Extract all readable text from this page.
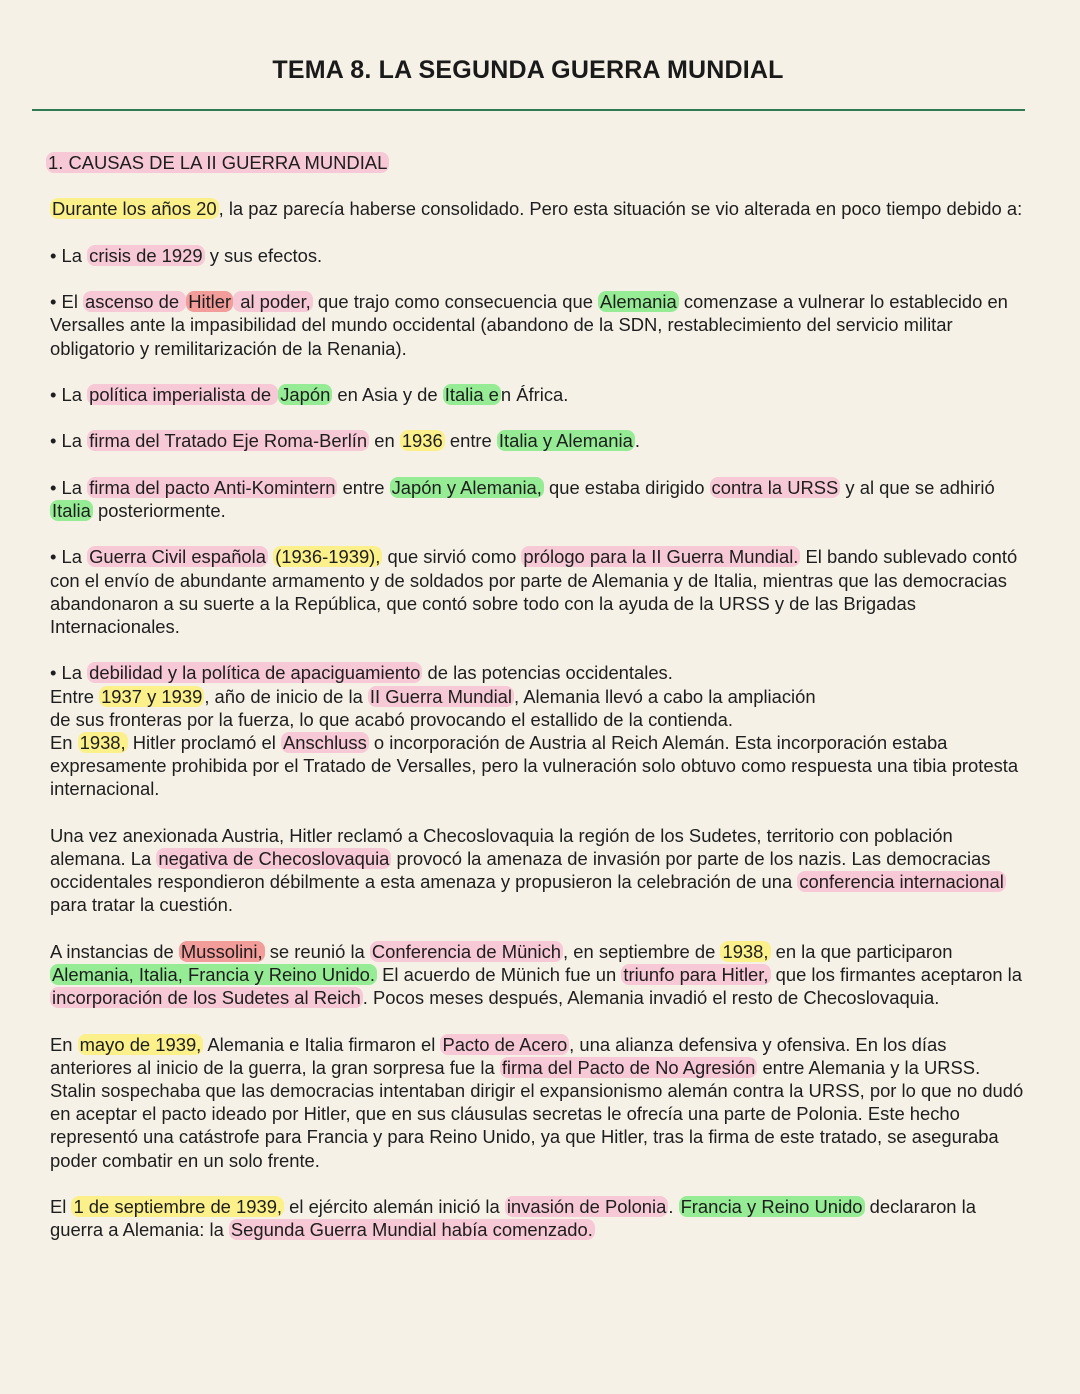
TEMA 8. LA SEGUNDA GUERRA MUNDIAL

1. CAUSAS DE LA II GUERRA MUNDIAL

Durante los años 20 , la paz parecía haberse consolidado. Pero esta situación se vio alterada en poco tiempo debido a:

• La crisis de 1929 y sus efectos.

• El ascenso de Hitler al poder, que trajo como consecuencia que Alemania comenzase a vulnerar lo establecido en Versalles ante la impasibilidad del mundo occidental (abandono de la SDN, restablecimiento del servicio militar obligatorio y remilitarización de la Renania).

• La política imperialista de Japón en Asia y de Italia e n África.

• La firma del Tratado Eje Roma-Berlín en 1936 entre Italia y Alemania .

• La firma del pacto Anti-Komintern entre Japón y Alemania, que estaba dirigido contra la URSS y al que se adhirió Italia posteriormente.

• La Guerra Civil española (1936-1939), que sirvió como prólogo para la II Guerra Mundial. El bando sublevado contó con el envío de abundante armamento y de soldados por parte de Alemania y de Italia, mientras que las democracias abandonaron a su suerte a la República, que contó sobre todo con la ayuda de la URSS y de las Brigadas Internacionales.

• La debilidad y la política de apaciguamiento de las potencias occidentales.

Entre 1937 y 1939 , año de inicio de la II Guerra Mundial , Alemania llevó a cabo la ampliación

de sus fronteras por la fuerza, lo que acabó provocando el estallido de la contienda.

En 1938, Hitler proclamó el Anschluss o incorporación de Austria al Reich Alemán. Esta incorporación estaba expresamente prohibida por el Tratado de Versalles, pero la vulneración solo obtuvo como respuesta una tibia protesta internacional.

Una vez anexionada Austria, Hitler reclamó a Checoslovaquia la región de los Sudetes, territorio con población alemana. La negativa de Checoslovaquia provocó la amenaza de invasión por parte de los nazis. Las democracias occidentales respondieron débilmente a esta amenaza y propusieron la celebración de una conferencia internacional para tratar la cuestión.

A instancias de Mussolini, se reunió la Conferencia de Münich , en septiembre de 1938, en la que participaron Alemania, Italia, Francia y Reino Unido. El acuerdo de Münich fue un triunfo para Hitler, que los firmantes aceptaron la incorporación de los Sudetes al Reich . Pocos meses después, Alemania invadió el resto de Checoslovaquia.

En mayo de 1939, Alemania e Italia firmaron el Pacto de Acero , una alianza defensiva y ofensiva. En los días anteriores al inicio de la guerra, la gran sorpresa fue la firma del Pacto de No Agresión entre Alemania y la URSS. Stalin sospechaba que las democracias intentaban dirigir el expansionismo alemán contra la URSS, por lo que no dudó en aceptar el pacto ideado por Hitler, que en sus cláusulas secretas le ofrecía una parte de Polonia. Este hecho representó una catástrofe para Francia y para Reino Unido, ya que Hitler, tras la firma de este tratado, se aseguraba poder combatir en un solo frente.

El 1 de septiembre de 1939, el ejército alemán inició la invasión de Polonia . Francia y Reino Unido declararon la guerra a Alemania: la Segunda Guerra Mundial había comenzado.
